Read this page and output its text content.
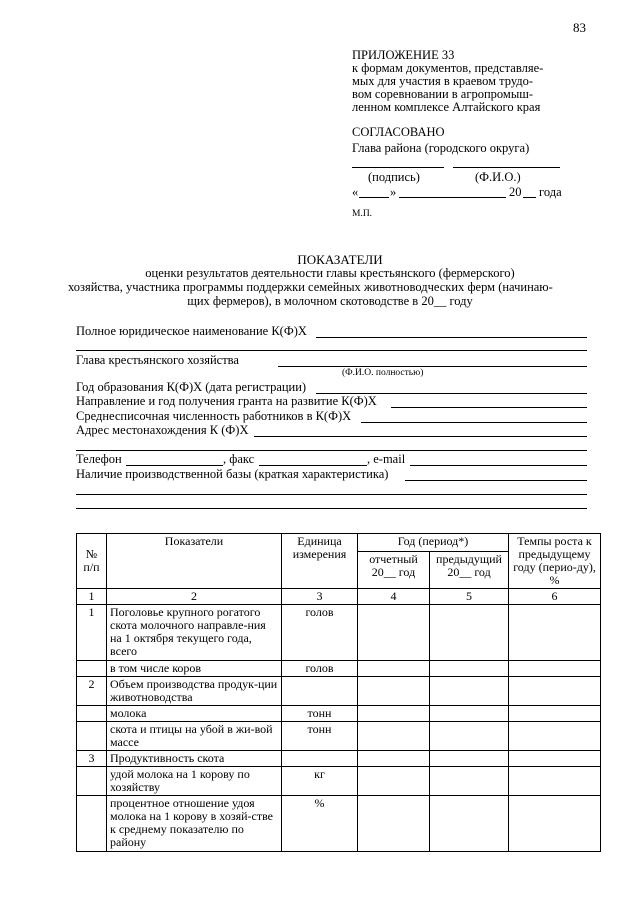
83
ПРИЛОЖЕНИЕ 33
к формам документов, представляе-
мых для участия в краевом трудо-
вом соревновании в агропромыш-
ленном комплексе Алтайского края
СОГЛАСОВАНО
Глава района (городского округа)
(подпись)	(Ф.И.О.)
«	»	20 года
М.П.
ПОКАЗАТЕЛИ
оценки результатов деятельности главы крестьянского (фермерского)
хозяйства, участника программы поддержки семейных животноводческих ферм (начинаю-
щих фермеров), в молочном скотоводстве в 20__ году
Полное юридическое наименование К(Ф)Х
Глава крестьянского хозяйства
(Ф.И.О. полностью)
Год образования К(Ф)Х (дата регистрации)
Направление и год получения гранта на развитие К(Ф)Х
Среднесписочная численность работников в К(Ф)Х
Адрес местонахождения К (Ф)Х
Телефон	, факс	, e-mail
Наличие производственной базы (краткая характеристика)
№ п/п	Показатели	Единица измерения	Год (период*)		Темпы роста к предыдущему году (перио-ду), %
			отчетный 20__ год	предыдущий 20__ год	
1	2	3	4	5	6
1	Поголовье крупного рогатого скота молочного направле-ния на 1 октября текущего года, всего	голов			
	в том числе коров	голов			
2	Объем производства продук-ции животноводства				
	молока	тонн			
	скота и птицы на убой в жи-вой массе	тонн			
3	Продуктивность скота				
	удой молока на 1 корову по хозяйству	кг			
	процентное отношение удоя молока на 1 корову в хозяй-стве к среднему показателю по району	%			
